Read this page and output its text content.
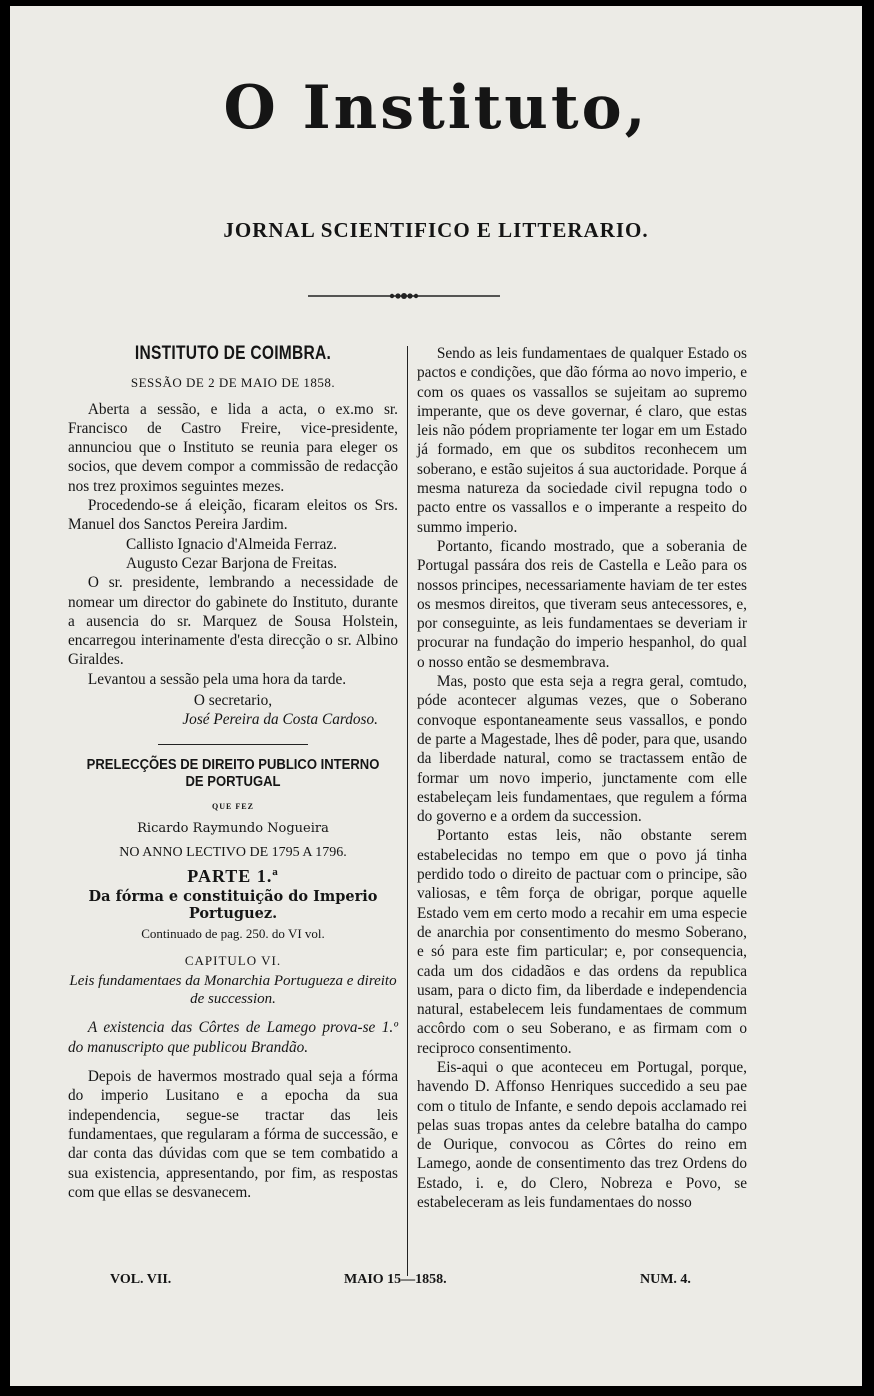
O Instituto,
JORNAL SCIENTIFICO E LITTERARIO.
INSTITUTO DE COIMBRA.
SESSÃO DE 2 DE MAIO DE 1858.

Aberta a sessão, e lida a acta, o ex.mo sr. Francisco de Castro Freire, vice-presidente, annunciou que o Instituto se reunia para eleger os socios, que devem compor a commissão de redacção nos trez proximos seguintes mezes.

Procedendo-se á eleição, ficaram eleitos os Srs. Manuel dos Sanctos Pereira Jardim.

Callisto Ignacio d'Almeida Ferraz.

Augusto Cezar Barjona de Freitas.

O sr. presidente, lembrando a necessidade de nomear um director do gabinete do Instituto, durante a ausencia do sr. Marquez de Sousa Holstein, encarregou interinamente d'esta direcção o sr. Albino Giraldes.

Levantou a sessão pela uma hora da tarde.

O secretario,
José Pereira da Costa Cardoso.
PRELECÇÕES DE DIREITO PUBLICO INTERNO DE PORTUGAL
QUE FEZ
Ricardo Raymundo Nogueira
NO ANNO LECTIVO DE 1795 A 1796.
PARTE 1.ª
Da fórma e constituição do Imperio Portuguez.
Continuado de pag. 250. do VI vol.
CAPITULO VI.
Leis fundamentaes da Monarchia Portugueza e direito de succession.

A existencia das Côrtes de Lamego prova-se 1.º do manuscripto que publicou Brandão.

Depois de havermos mostrado qual seja a fórma do imperio Lusitano e a epocha da sua independencia, segue-se tractar das leis fundamentaes, que regularam a fórma de successão, e dar conta das dúvidas com que se tem combatido a sua existencia, appresentando, por fim, as respostas com que ellas se desvanecem.

Sendo as leis fundamentaes de qualquer Estado os pactos e condições, que dão fórma ao novo imperio, e com os quaes os vassallos se sujeitam ao supremo imperante, que os deve governar, é claro, que estas leis não pódem propriamente ter logar em um Estado já formado, em que os subditos reconhecem um soberano, e estão sujeitos á sua auctoridade. Porque á mesma natureza da sociedade civil repugna todo o pacto entre os vassallos e o imperante a respeito do summo imperio.

Portanto, ficando mostrado, que a soberania de Portugal passára dos reis de Castella e Leão para os nossos principes, necessariamente haviam de ter estes os mesmos direitos, que tiveram seus antecessores, e, por conseguinte, as leis fundamentaes se deveriam ir procurar na fundação do imperio hespanhol, do qual o nosso então se desmembrava.

Mas, posto que esta seja a regra geral, comtudo, póde acontecer algumas vezes, que o Soberano convoque espontaneamente seus vassallos, e pondo de parte a Magestade, lhes dê poder, para que, usando da liberdade natural, como se tractassem então de formar um novo imperio, junctamente com elle estabeleçam leis fundamentaes, que regulem a fórma do governo e a ordem da succession.

Portanto estas leis, não obstante serem estabelecidas no tempo em que o povo já tinha perdido todo o direito de pactuar com o principe, são valiosas, e têm força de obrigar, porque aquelle Estado vem em certo modo a recahir em uma especie de anarchia por consentimento do mesmo Soberano, e só para este fim particular; e, por consequencia, cada um dos cidadãos e das ordens da republica usam, para o dicto fim, da liberdade e independencia natural, estabelecem leis fundamentaes de commum accôrdo com o seu Soberano, e as firmam com o reciproco consentimento.

Eis-aqui o que aconteceu em Portugal, porque, havendo D. Affonso Henriques succedido a seu pae com o titulo de Infante, e sendo depois acclamado rei pelas suas tropas antes da celebre batalha do campo de Ourique, convocou as Côrtes do reino em Lamego, aonde de consentimento das trez Ordens do Estado, i. e, do Clero, Nobreza e Povo, se estabeleceram as leis fundamentaes do nosso

VOL. VII.	MAIO 15—1858.	NUM. 4.
